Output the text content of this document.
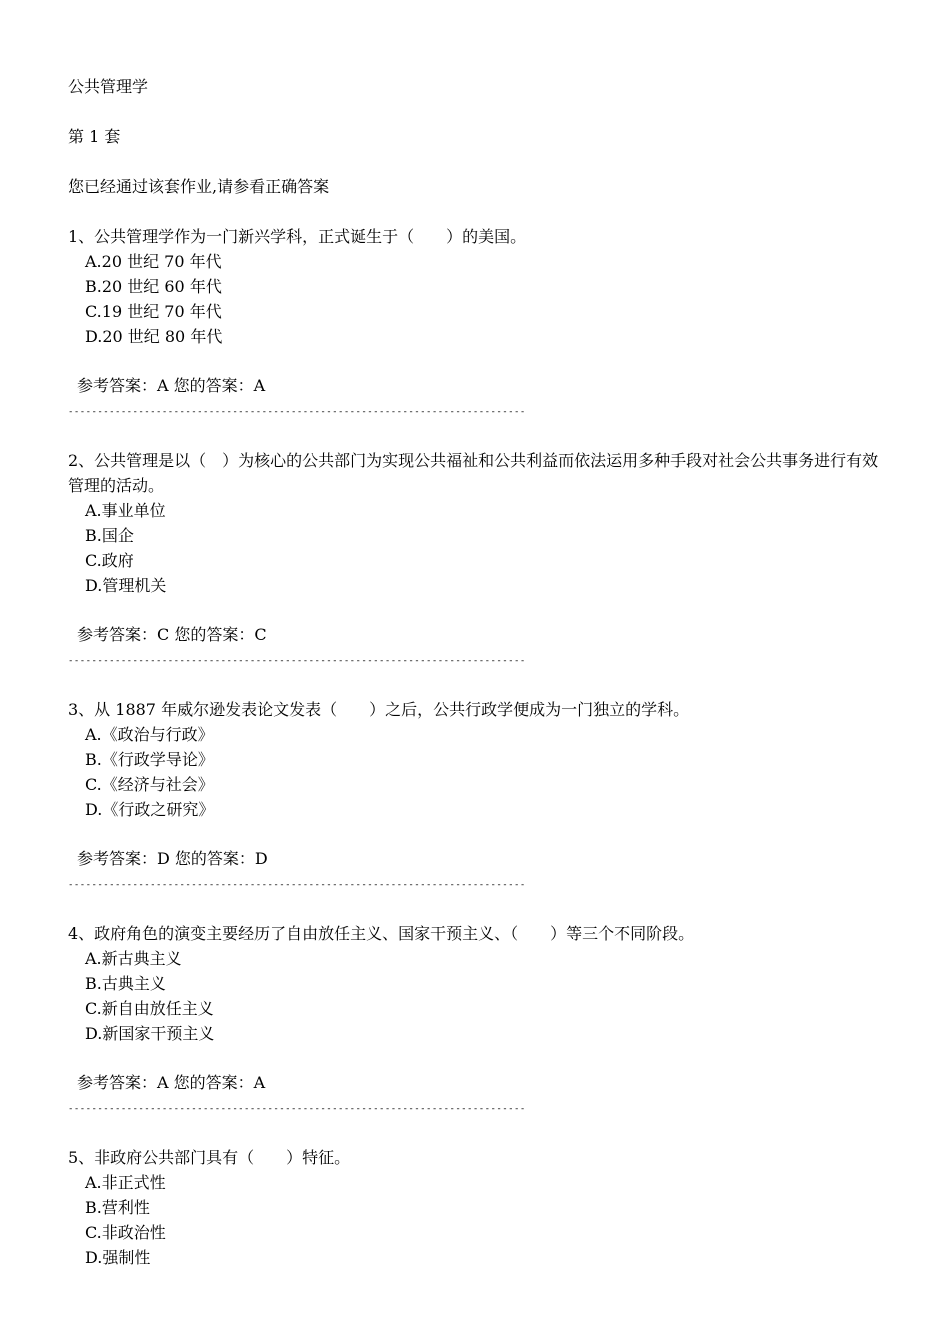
公共管理学
第 1 套
您已经通过该套作业,请参看正确答案
1、公共管理学作为一门新兴学科，正式诞生于（　　）的美国。
A.20 世纪 70 年代
B.20 世纪 60 年代
C.19 世纪 70 年代
D.20 世纪 80 年代
参考答案：A 您的答案：A
------------------------------------------------------------------------------
2、公共管理是以（　）为核心的公共部门为实现公共福祉和公共利益而依法运用多种手段对社会公共事务进行有效管理的活动。
A.事业单位
B.国企
C.政府
D.管理机关
参考答案：C 您的答案：C
------------------------------------------------------------------------------
3、从 1887 年威尔逊发表论文发表（　　）之后，公共行政学便成为一门独立的学科。
A.《政治与行政》
B.《行政学导论》
C.《经济与社会》
D.《行政之研究》
参考答案：D 您的答案：D
------------------------------------------------------------------------------
4、政府角色的演变主要经历了自由放任主义、国家干预主义、（　　）等三个不同阶段。
A.新古典主义
B.古典主义
C.新自由放任主义
D.新国家干预主义
参考答案：A 您的答案：A
------------------------------------------------------------------------------
5、非政府公共部门具有（　　）特征。
A.非正式性
B.营利性
C.非政治性
D.强制性
